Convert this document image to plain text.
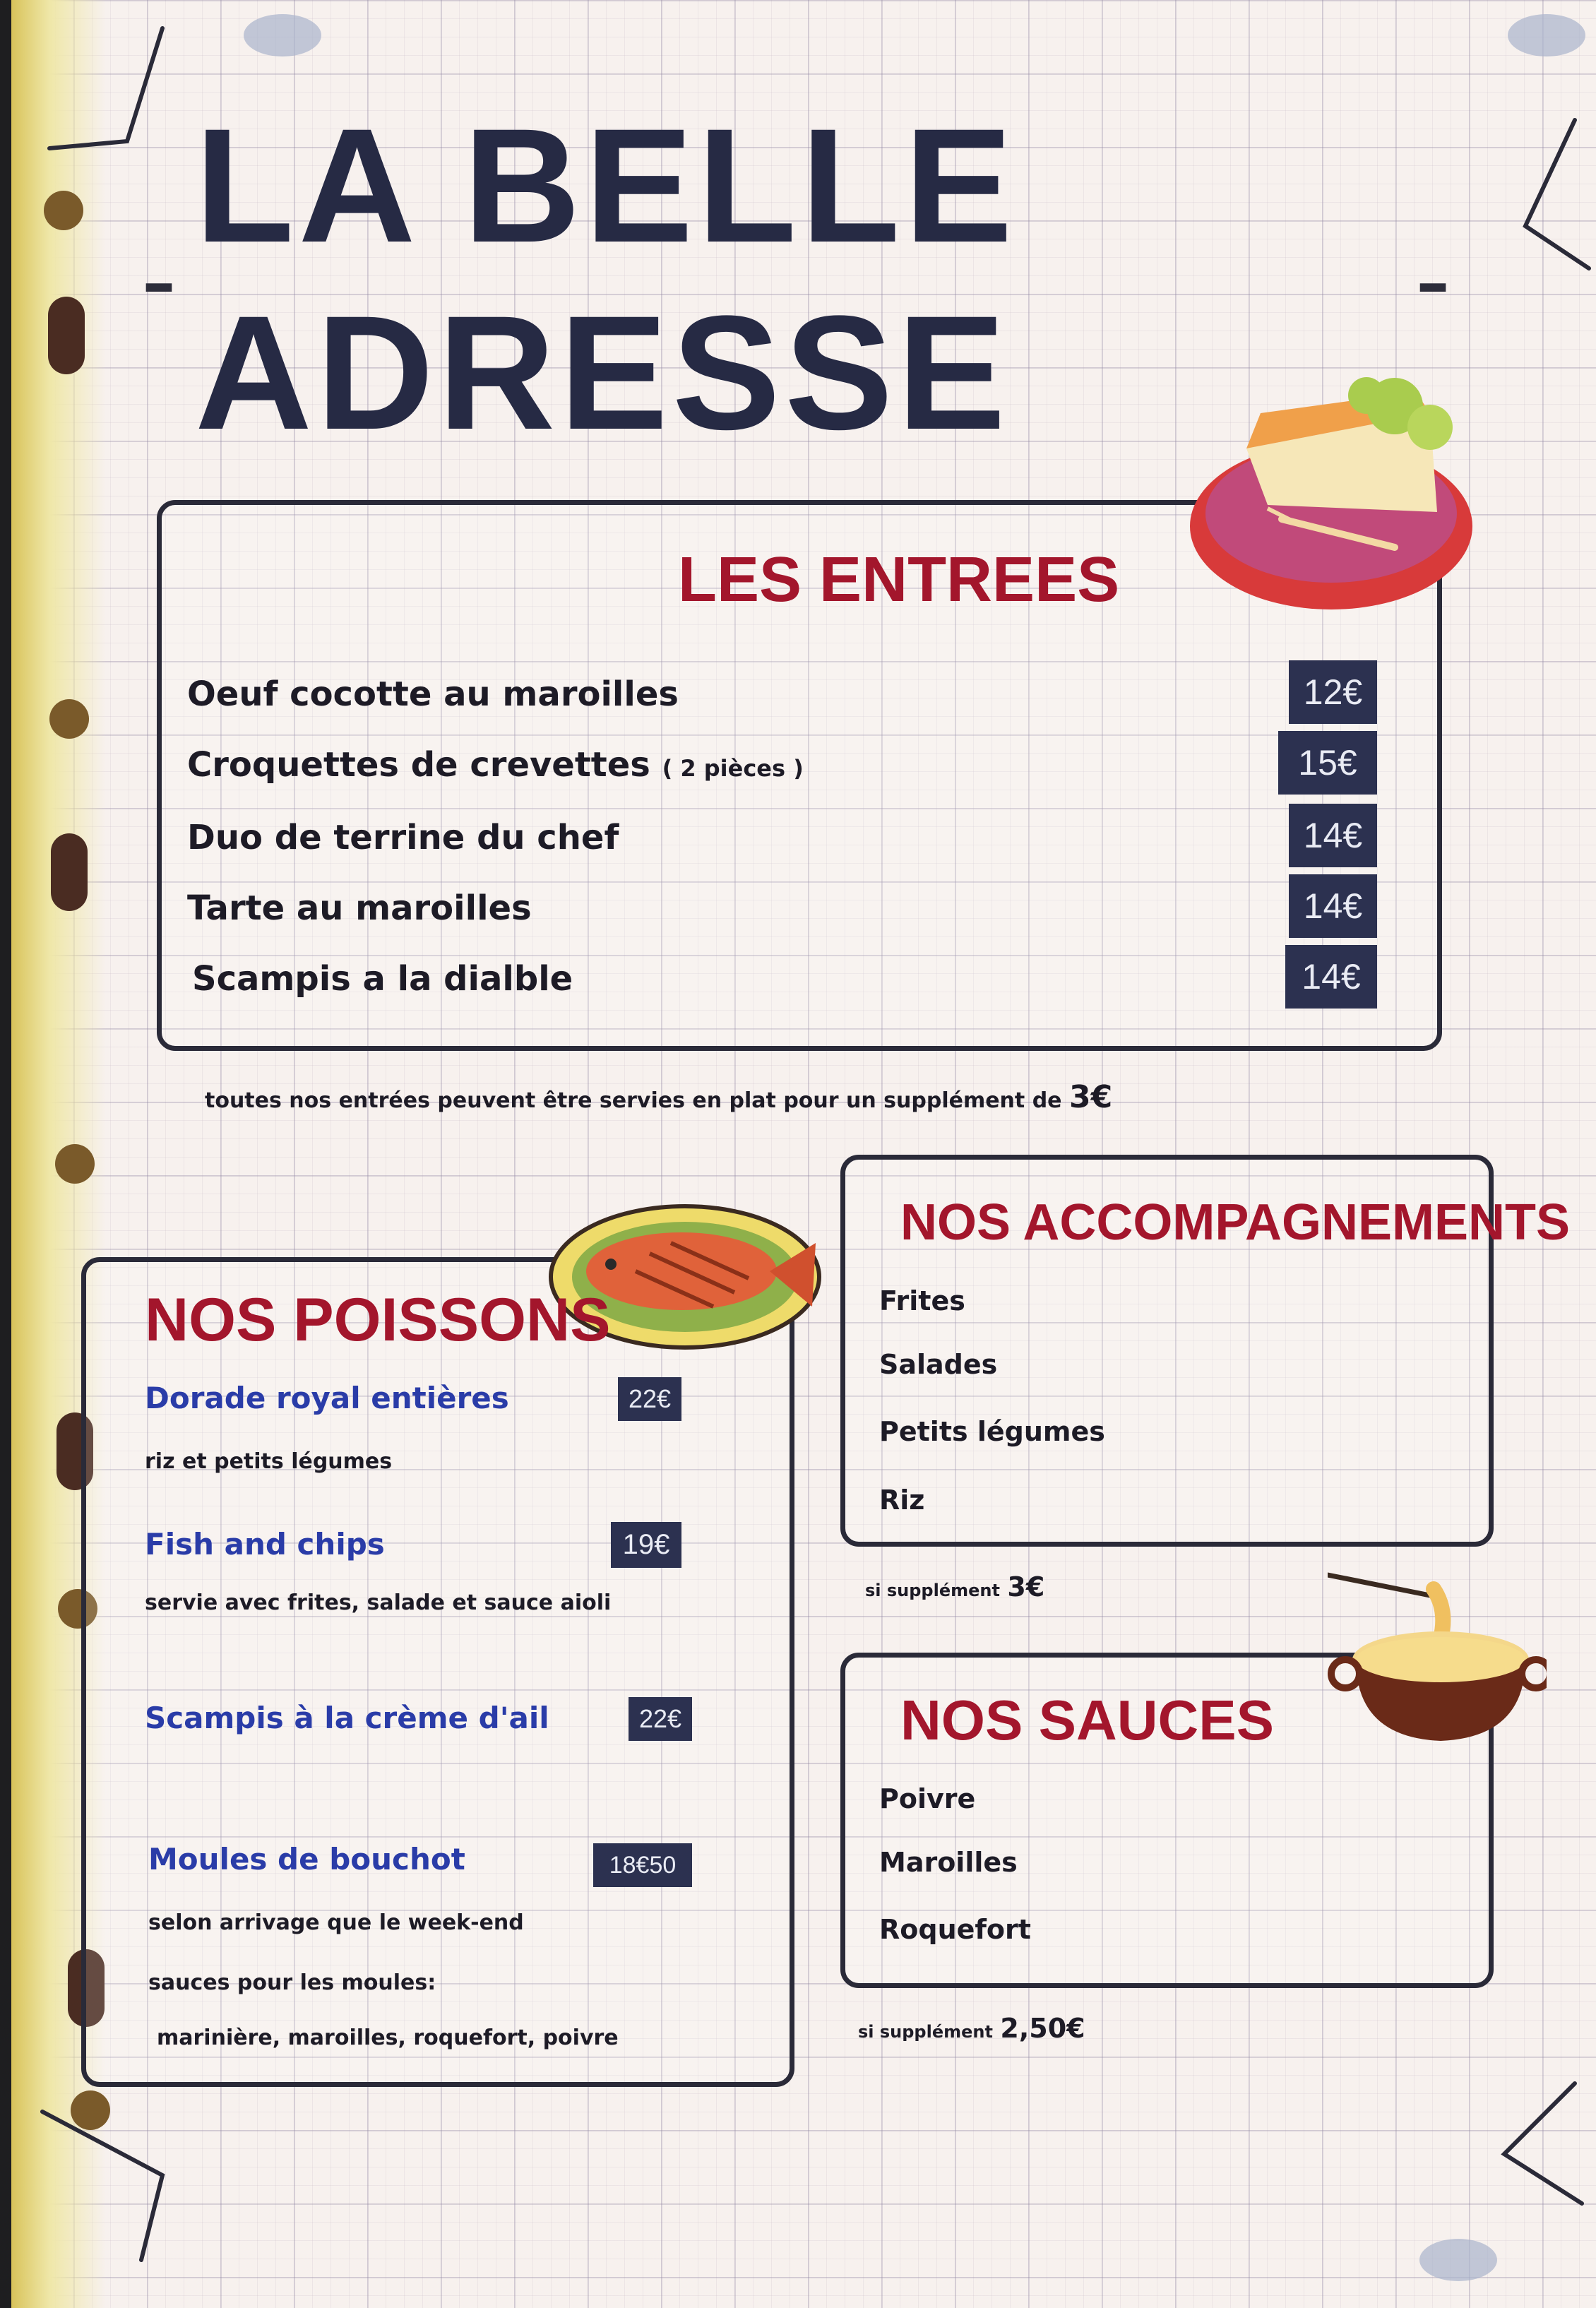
-
LA BELLE ADRESSE
-
LES ENTREES
Oeuf cocotte au maroilles	12€
Croquettes de crevettes ( 2 pièces )	15€
Duo de terrine du chef	14€
Tarte au maroilles	14€
Scampis a la dialble	14€
toutes nos entrées peuvent être servies en plat pour un supplément de 3€
NOS POISSONS
Dorade royal entières	22€
riz et petits légumes
Fish and chips	19€
servie avec frites, salade et sauce aioli
Scampis à la crème d'ail	22€
Moules de bouchot	18€50
selon arrivage que le week-end
sauces pour les moules:
marinière, maroilles, roquefort, poivre
NOS ACCOMPAGNEMENTS
Frites
Salades
Petits légumes
Riz
si supplément 3€
NOS SAUCES
Poivre
Maroilles
Roquefort
si supplément 2,50€
